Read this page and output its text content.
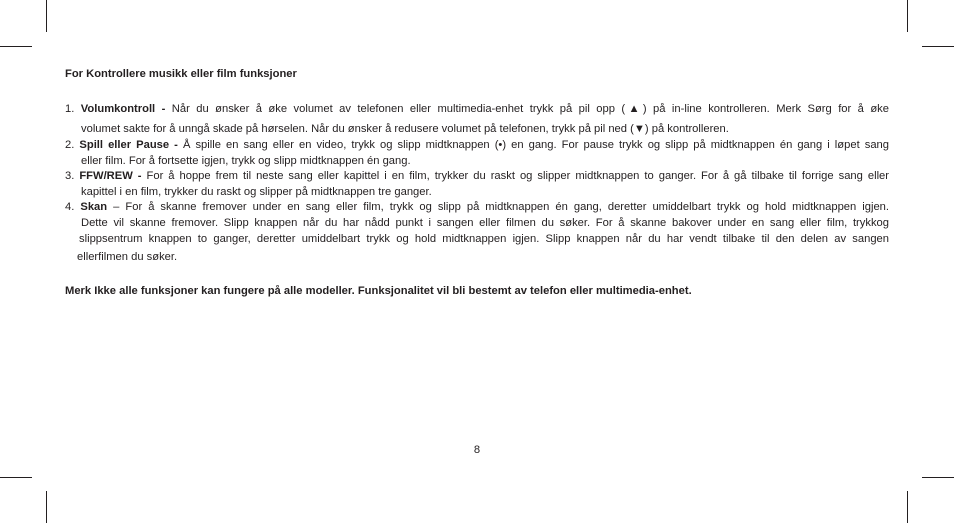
For Kontrollere musikk eller film funksjoner
1. Volumkontroll - Når du ønsker å øke volumet av telefonen eller multimedia-enhet trykk på pil opp (▲) på in-line kontrolleren. Merk Sørg for å øke
volumet sakte for å unngå skade på hørselen. Når du ønsker å redusere volumet på telefonen, trykk på pil ned (▼) på kontrolleren.
2. Spill eller Pause - Å spille en sang eller en video, trykk og slipp midtknappen (•) en gang. For pause trykk og slipp på midtknappen én gang i løpet sang
eller film. For å fortsette igjen, trykk og slipp midtknappen én gang.
3. FFW/REW - For å hoppe frem til neste sang eller kapittel i en film, trykker du raskt og slipper midtknappen to ganger. For å gå tilbake til forrige sang eller
kapittel i en film, trykker du raskt og slipper på midtknappen tre ganger.
4. Skan – For å skanne fremover under en sang eller film, trykk og slipp på midtknappen én gang, deretter umiddelbart trykk og hold midtknappen igjen.
Dette vil skanne fremover. Slipp knappen når du har nådd punkt i sangen eller filmen du søker. For å skanne bakover under en sang eller film, trykkog
slippsentrum knappen to ganger, deretter umiddelbart trykk og hold midtknappen igjen. Slipp knappen når du har vendt tilbake til den delen av sangen
ellerfilmen du søker.
Merk Ikke alle funksjoner kan fungere på alle modeller. Funksjonalitet vil bli bestemt av telefon eller multimedia-enhet.
8
